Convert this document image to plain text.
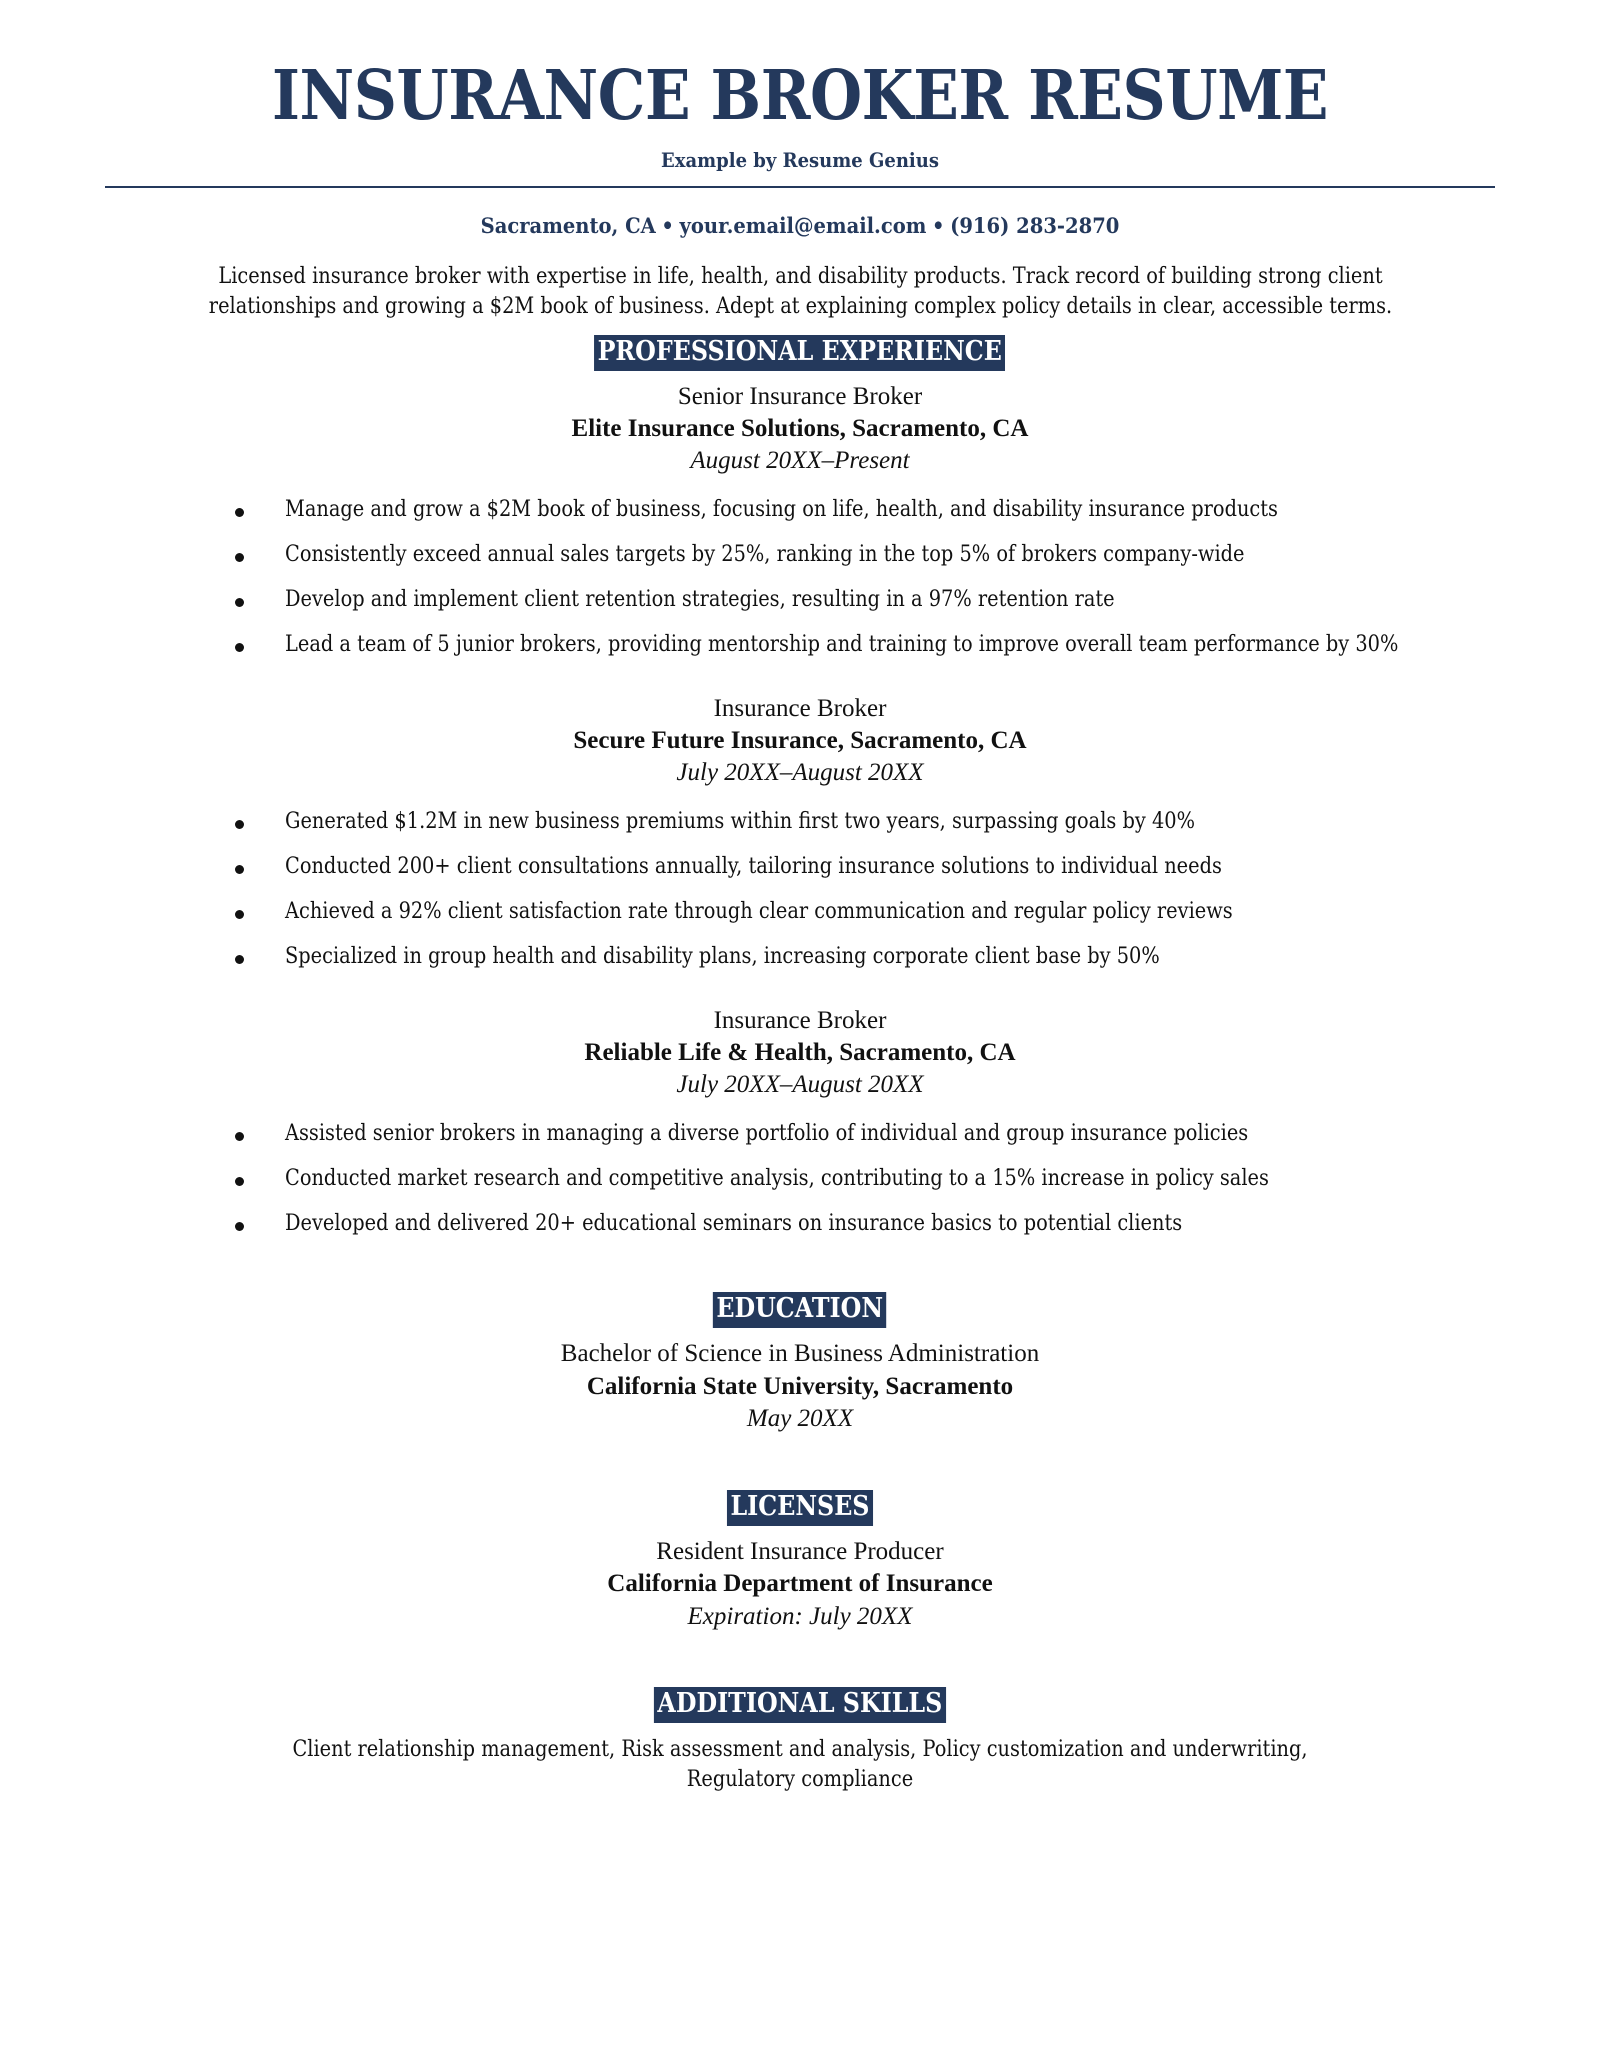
INSURANCE BROKER RESUME
Example by Resume Genius
Sacramento, CA • your.email@email.com • (916) 283-2870
Licensed insurance broker with expertise in life, health, and disability products. Track record of building strong client relationships and growing a $2M book of business. Adept at explaining complex policy details in clear, accessible terms.
PROFESSIONAL EXPERIENCE
Senior Insurance Broker
Elite Insurance Solutions, Sacramento, CA
August 20XX–Present
Manage and grow a $2M book of business, focusing on life, health, and disability insurance products
Consistently exceed annual sales targets by 25%, ranking in the top 5% of brokers company-wide
Develop and implement client retention strategies, resulting in a 97% retention rate
Lead a team of 5 junior brokers, providing mentorship and training to improve overall team performance by 30%
Insurance Broker
Secure Future Insurance, Sacramento, CA
July 20XX–August 20XX
Generated $1.2M in new business premiums within first two years, surpassing goals by 40%
Conducted 200+ client consultations annually, tailoring insurance solutions to individual needs
Achieved a 92% client satisfaction rate through clear communication and regular policy reviews
Specialized in group health and disability plans, increasing corporate client base by 50%
Insurance Broker
Reliable Life & Health, Sacramento, CA
July 20XX–August 20XX
Assisted senior brokers in managing a diverse portfolio of individual and group insurance policies
Conducted market research and competitive analysis, contributing to a 15% increase in policy sales
Developed and delivered 20+ educational seminars on insurance basics to potential clients
EDUCATION
Bachelor of Science in Business Administration
California State University, Sacramento
May 20XX
LICENSES
Resident Insurance Producer
California Department of Insurance
Expiration: July 20XX
ADDITIONAL SKILLS
Client relationship management, Risk assessment and analysis, Policy customization and underwriting, Regulatory compliance
